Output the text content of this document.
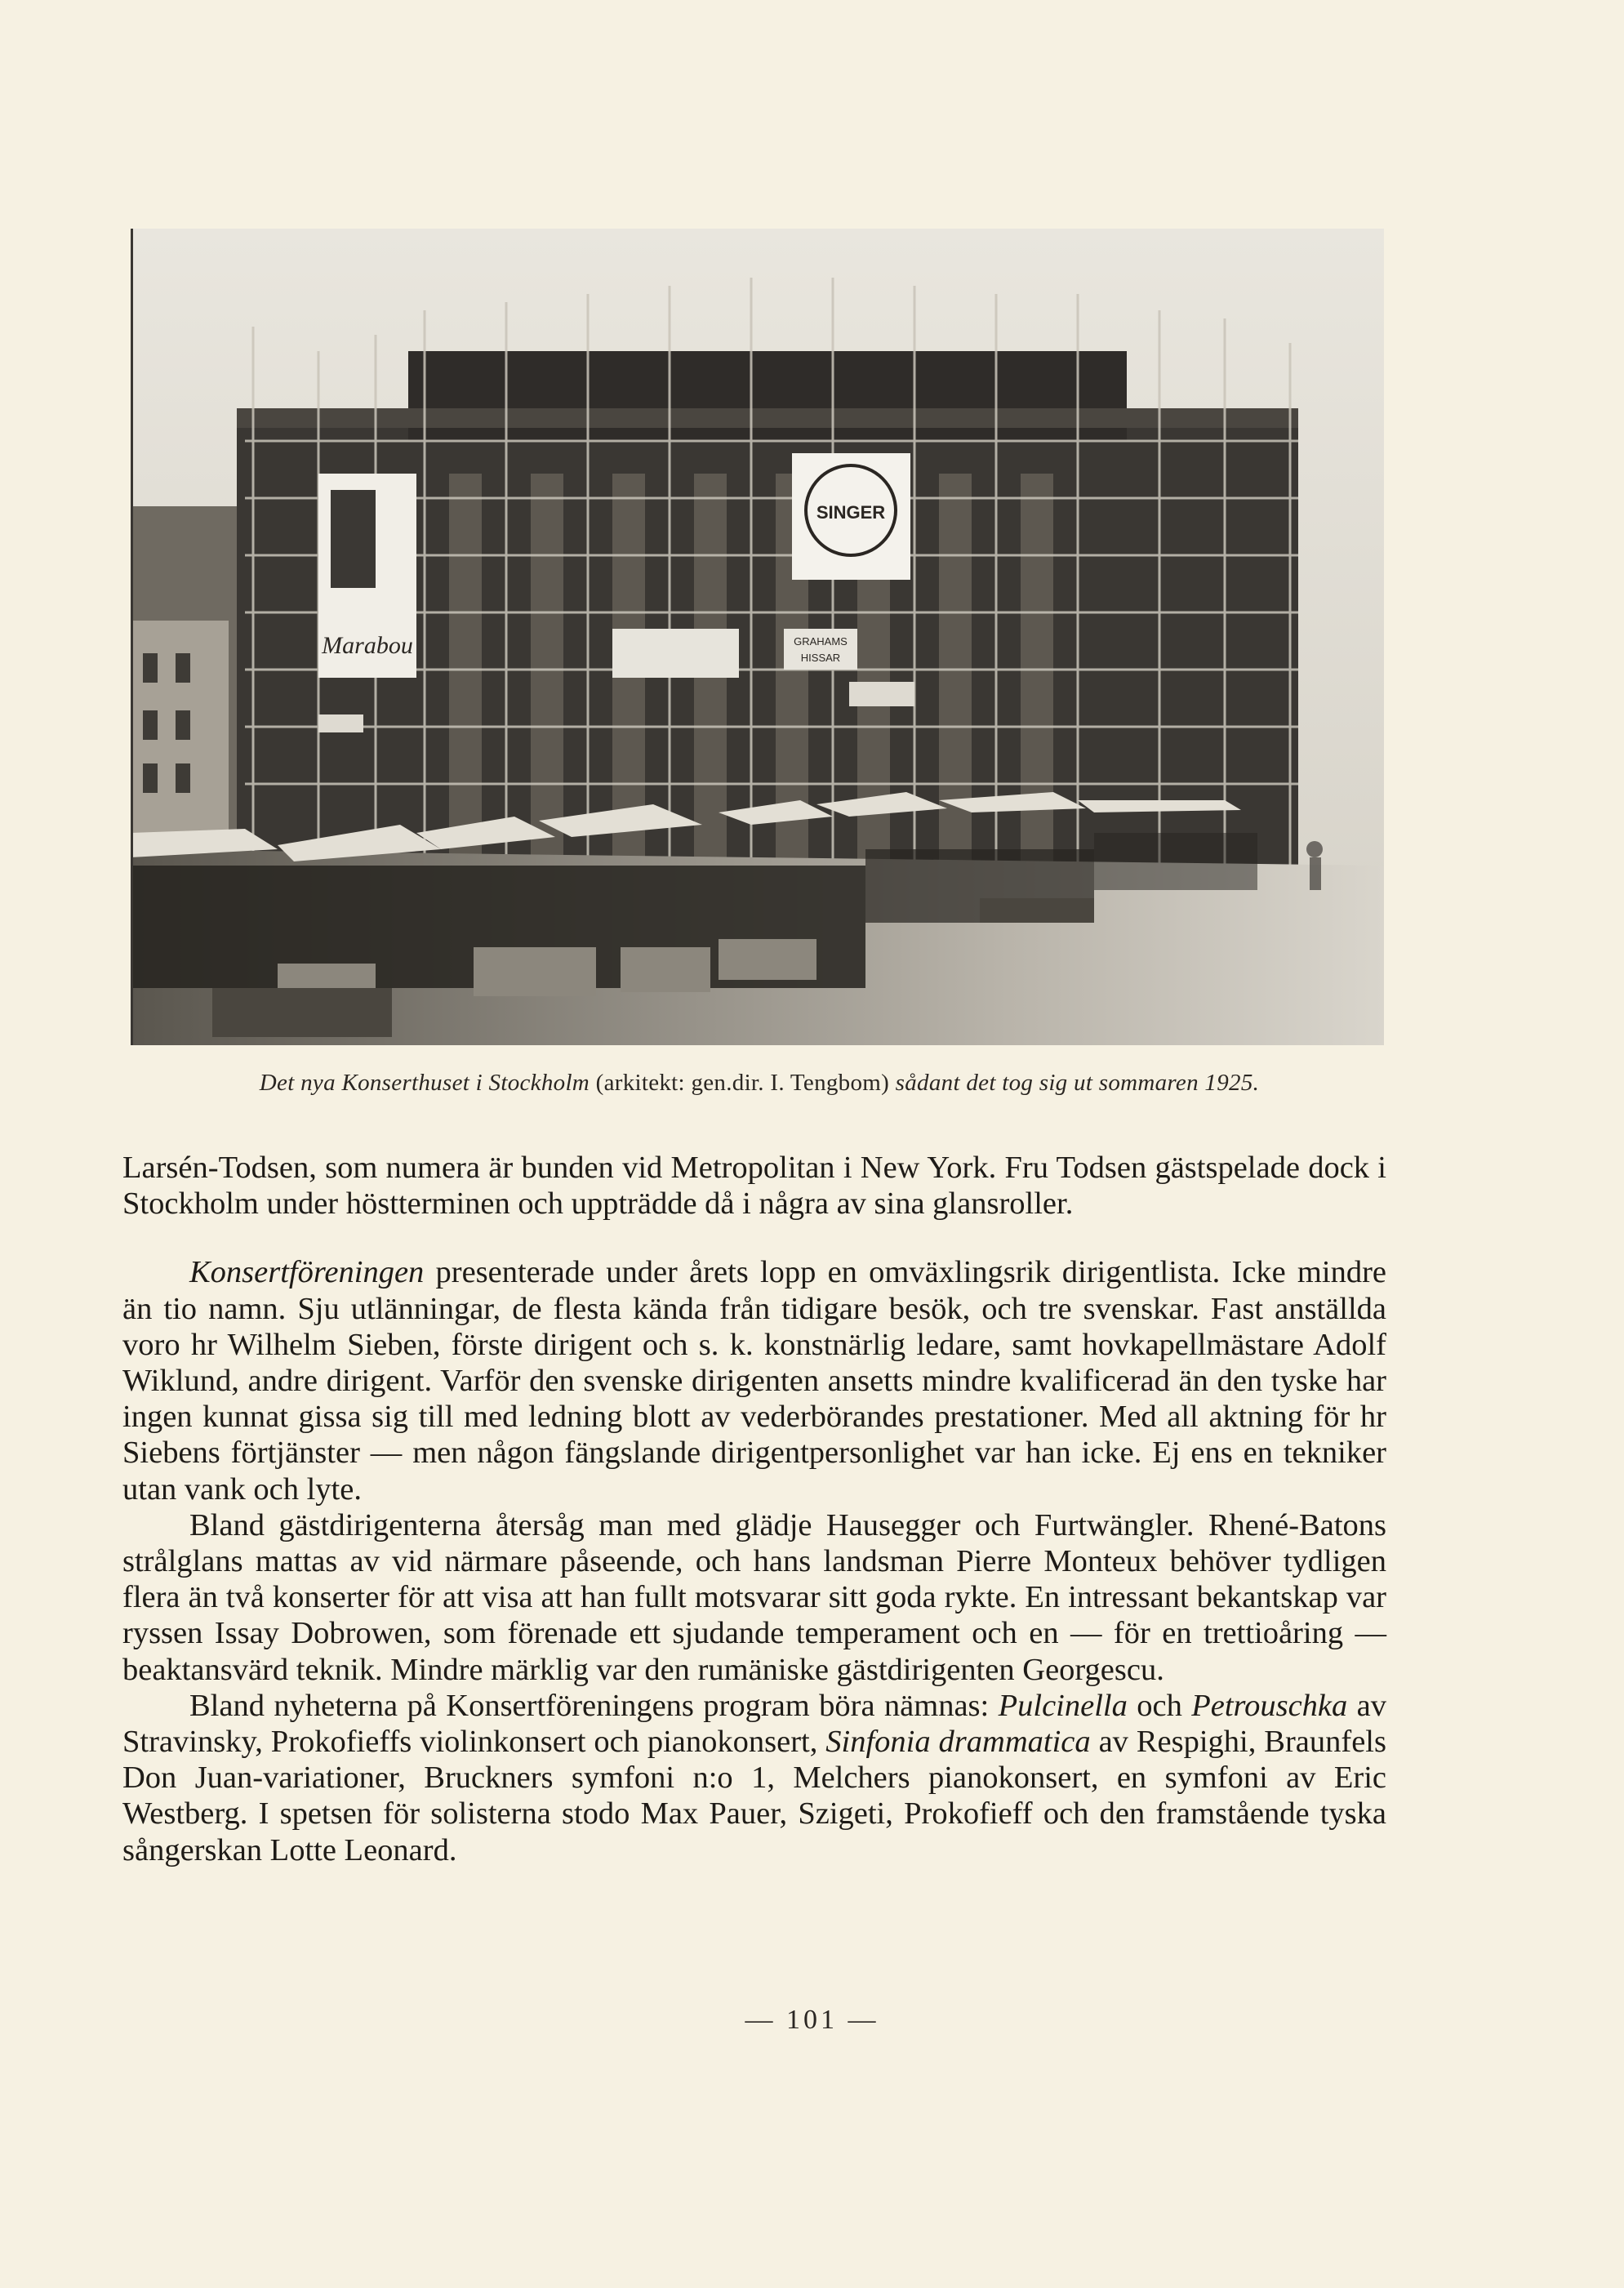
Marabou
SINGER
GRAHAMS
HISSAR
Det nya Konserthuset i Stockholm (arkitekt: gen.dir. I. Tengbom) sådant det tog sig ut sommaren 1925.

Larsén-Todsen, som numera är bunden vid Metropolitan i New York. Fru Todsen gästspelade dock i Stockholm under höstterminen och uppträdde då i några av sina glansroller.

Konsertföreningen presenterade under årets lopp en omväxlingsrik dirigentlista. Icke mindre än tio namn. Sju utlänningar, de flesta kända från tidigare besök, och tre svenskar. Fast anställda voro hr Wilhelm Sieben, förste dirigent och s. k. konstnärlig ledare, samt hovkapellmästare Adolf Wiklund, andre dirigent. Varför den svenske dirigenten ansetts mindre kvalificerad än den tyske har ingen kunnat gissa sig till med ledning blott av vederbörandes prestationer. Med all aktning för hr Siebens förtjänster — men någon fängslande dirigentpersonlighet var han icke. Ej ens en tekniker utan vank och lyte.

Bland gästdirigenterna återsåg man med glädje Hausegger och Furtwängler. Rhené-Batons strålglans mattas av vid närmare påseende, och hans landsman Pierre Monteux behöver tydligen flera än två konserter för att visa att han fullt motsvarar sitt goda rykte. En intressant bekantskap var ryssen Issay Dobrowen, som förenade ett sjudande temperament och en — för en trettioåring — beaktansvärd teknik. Mindre märklig var den rumäniske gästdirigenten Georgescu.

Bland nyheterna på Konsertföreningens program böra nämnas: Pulcinella och Petrouschka av Stravinsky, Prokofieffs violinkonsert och pianokonsert, Sinfonia drammatica av Respighi, Braunfels Don Juan-variationer, Bruckners symfoni n:o 1, Melchers pianokonsert, en symfoni av Eric Westberg. I spetsen för solisterna stodo Max Pauer, Szigeti, Prokofieff och den framstående tyska sångerskan Lotte Leonard.

— 101 —
